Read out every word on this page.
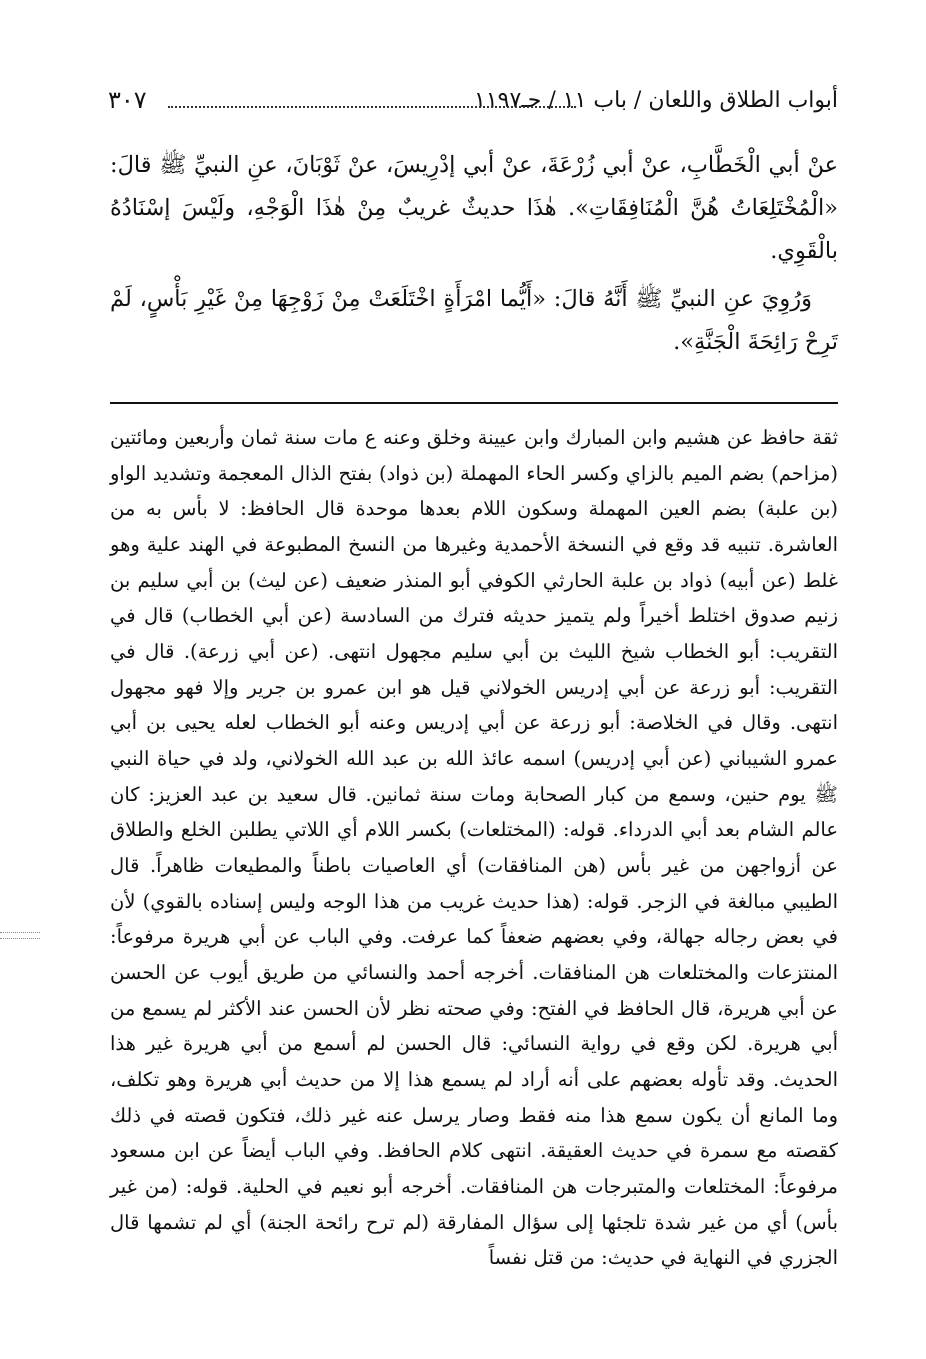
أبواب الطلاق واللعان / باب ١١ / حـ١١٩٧
٣٠٧

عنْ أبي الْخَطَّابِ، عنْ أبي زُرْعَةَ، عنْ أبي إدْرِيسَ، عنْ ثَوْبَانَ، عنِ النبيِّ ﷺ قالَ: «الْمُخْتَلِعَاتُ هُنَّ الْمُنَافِقَاتِ». هٰذَا حديثٌ غريبٌ مِنْ هٰذَا الْوَجْهِ، ولَيْسَ إسْنَادُهُ بالْقَوِي.

وَرُوِيَ عنِ النبيِّ ﷺ أَنَّهُ قالَ: «أَيُّما امْرَأَةٍ اخْتَلَعَتْ مِنْ زَوْجِهَا مِنْ غَيْرِ بَأْسٍ، لَمْ تَرِحْ رَائِحَةَ الْجَنَّةِ».

ثقة حافظ عن هشيم وابن المبارك وابن عيينة وخلق وعنه ع مات سنة ثمان وأربعين ومائتين (مزاحم) بضم الميم بالزاي وكسر الحاء المهملة (بن ذواد) بفتح الذال المعجمة وتشديد الواو (بن علبة) بضم العين المهملة وسكون اللام بعدها موحدة قال الحافظ: لا بأس به من العاشرة. تنبيه قد وقع في النسخة الأحمدية وغيرها من النسخ المطبوعة في الهند علية وهو غلط (عن أبيه) ذواد بن علبة الحارثي الكوفي أبو المنذر ضعيف (عن ليث) بن أبي سليم بن زنيم صدوق اختلط أخيراً ولم يتميز حديثه فترك من السادسة (عن أبي الخطاب) قال في التقريب: أبو الخطاب شيخ الليث بن أبي سليم مجهول انتهى. (عن أبي زرعة). قال في التقريب: أبو زرعة عن أبي إدريس الخولاني قيل هو ابن عمرو بن جرير وإلا فهو مجهول انتهى. وقال في الخلاصة: أبو زرعة عن أبي إدريس وعنه أبو الخطاب لعله يحيى بن أبي عمرو الشيباني (عن أبي إدريس) اسمه عائذ الله بن عبد الله الخولاني، ولد في حياة النبي ﷺ يوم حنين، وسمع من كبار الصحابة ومات سنة ثمانين. قال سعيد بن عبد العزيز: كان عالم الشام بعد أبي الدرداء. قوله: (المختلعات) بكسر اللام أي اللاتي يطلبن الخلع والطلاق عن أزواجهن من غير بأس (هن المنافقات) أي العاصيات باطناً والمطيعات ظاهراً. قال الطيبي مبالغة في الزجر. قوله: (هذا حديث غريب من هذا الوجه وليس إسناده بالقوي) لأن في بعض رجاله جهالة، وفي بعضهم ضعفاً كما عرفت. وفي الباب عن أبي هريرة مرفوعاً: المنتزعات والمختلعات هن المنافقات. أخرجه أحمد والنسائي من طريق أيوب عن الحسن عن أبي هريرة، قال الحافظ في الفتح: وفي صحته نظر لأن الحسن عند الأكثر لم يسمع من أبي هريرة. لكن وقع في رواية النسائي: قال الحسن لم أسمع من أبي هريرة غير هذا الحديث. وقد تأوله بعضهم على أنه أراد لم يسمع هذا إلا من حديث أبي هريرة وهو تكلف، وما المانع أن يكون سمع هذا منه فقط وصار يرسل عنه غير ذلك، فتكون قصته في ذلك كقصته مع سمرة في حديث العقيقة. انتهى كلام الحافظ. وفي الباب أيضاً عن ابن مسعود مرفوعاً: المختلعات والمتبرجات هن المنافقات. أخرجه أبو نعيم في الحلية. قوله: (من غير بأس) أي من غير شدة تلجئها إلى سؤال المفارقة (لم ترح رائحة الجنة) أي لم تشمها قال الجزري في النهاية في حديث: من قتل نفساً
